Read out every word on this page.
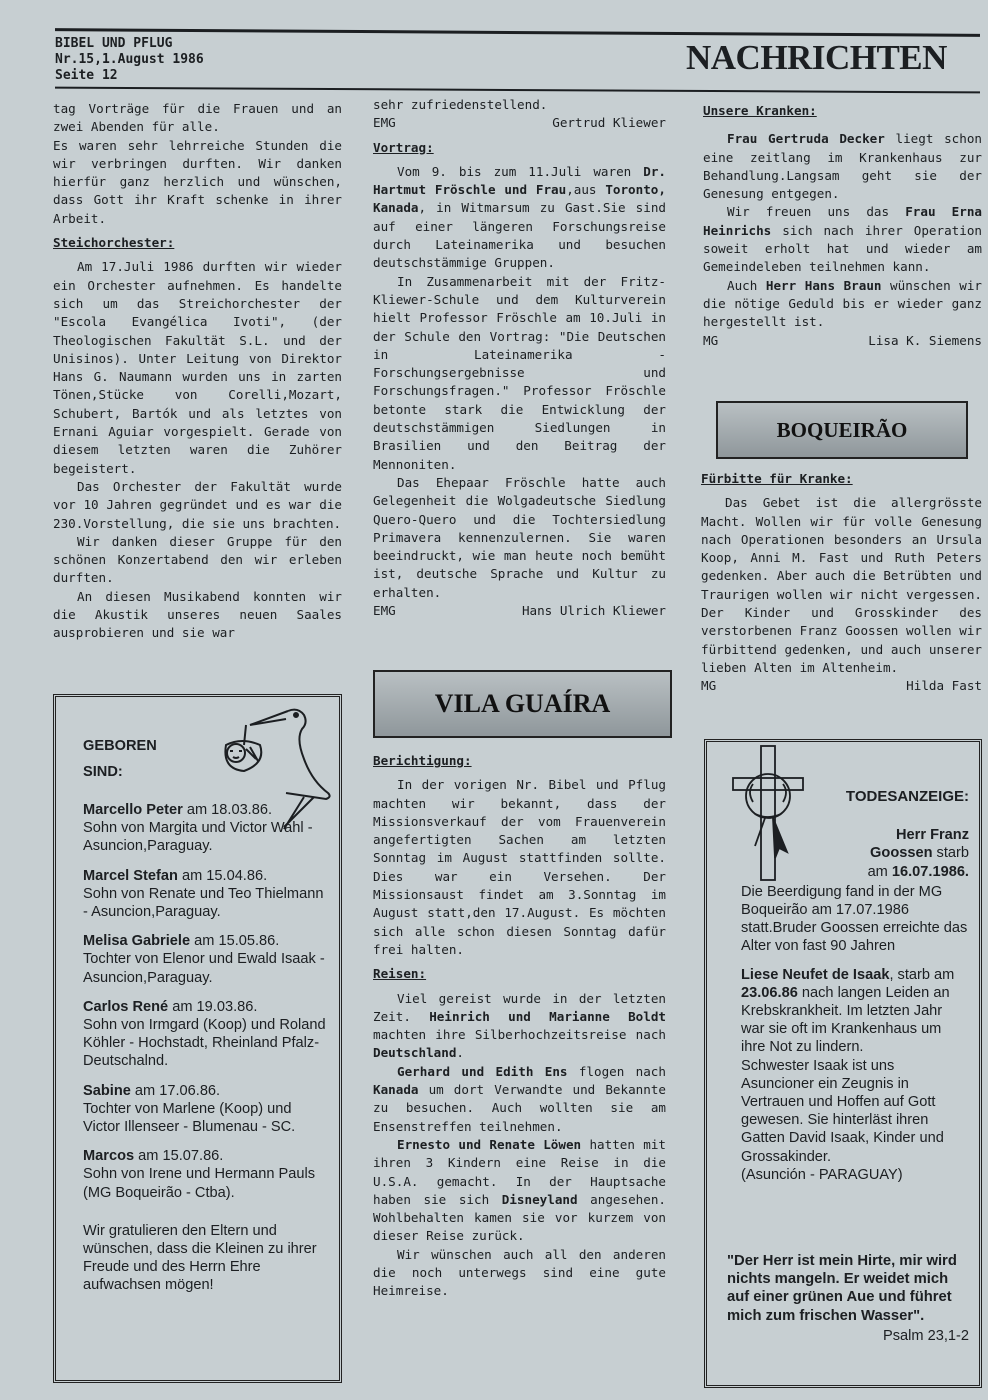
BIBEL UND PFLUG
Nr.15,1.August 1986
Seite 12	NACHRICHTEN

tag Vorträge für die Frauen und an zwei Abenden für alle.

Es waren sehr lehrreiche Stunden die wir verbringen durften. Wir danken hierfür ganz herzlich und wünschen, dass Gott ihr Kraft schenke in ihrer Arbeit.

Steichorchester:

Am 17.Juli 1986 durften wir wieder ein Orchester aufnehmen. Es handelte sich um das Streichorchester der "Escola Evangélica Ivoti", (der Theologischen Fakultät S.L. und der Unisinos). Unter Leitung von Direktor Hans G. Naumann wurden uns in zarten Tönen,Stücke von Corelli,Mozart, Schubert, Bartók und als letztes von Ernani Aguiar vorgespielt. Gerade von diesem letzten waren die Zuhörer begeistert.

Das Orchester der Fakultät wurde vor 10 Jahren gegründet und es war die 230.Vorstellung, die sie uns brachten.

Wir danken dieser Gruppe für den schönen Konzertabend den wir erleben durften.

An diesen Musikabend konnten wir die Akustik unseres neuen Saales ausprobieren und sie war

GEBOREN

SIND:

Marcello Peter am 18.03.86.

Sohn von Margita und Victor Wahl - Asuncion,Paraguay.

Marcel Stefan am 15.04.86.

Sohn von Renate und Teo Thielmann - Asuncion,Paraguay.

Melisa Gabriele am 15.05.86.

Tochter von Elenor und Ewald Isaak - Asuncion,Paraguay.

Carlos René am 19.03.86.

Sohn von Irmgard (Koop) und Roland Köhler - Hochstadt, Rheinland Pfalz-Deutschalnd.

Sabine am 17.06.86.

Tochter von Marlene (Koop) und Victor Illenseer - Blumenau - SC.

Marcos am 15.07.86.

Sohn von Irene und Hermann Pauls (MG Boqueirão - Ctba).

Wir gratulieren den Eltern und wünschen, dass die Kleinen zu ihrer Freude und des Herrn Ehre aufwachsen mögen!

sehr zufriedenstellend.

EMG	Gertrud Kliewer

Vortrag:

Vom 9. bis zum 11.Juli waren Dr. Hartmut Fröschle und Frau,aus Toronto, Kanada, in Witmarsum zu Gast.Sie sind auf einer längeren Forschungsreise durch Lateinamerika und besuchen deutschstämmige Gruppen.

In Zusammenarbeit mit der Fritz-Kliewer-Schule und dem Kulturverein hielt Professor Fröschle am 10.Juli in der Schule den Vortrag: "Die Deutschen in Lateinamerika - Forschungsergebnisse und Forschungsfragen." Professor Fröschle betonte stark die Entwicklung der deutschstämmigen Siedlungen in Brasilien und den Beitrag der Mennoniten.

Das Ehepaar Fröschle hatte auch Gelegenheit die Wolgadeutsche Siedlung Quero-Quero und die Tochtersiedlung Primavera kennenzulernen. Sie waren beeindruckt, wie man heute noch bemüht ist, deutsche Sprache und Kultur zu erhalten.

EMG	Hans Ulrich Kliewer

VILA GUAÍRA

Berichtigung:

In der vorigen Nr. Bibel und Pflug machten wir bekannt, dass der Missionsverkauf der vom Frauenverein angefertigten Sachen am letzten Sonntag im August stattfinden sollte. Dies war ein Versehen. Der Missionsaust findet am 3.Sonntag im August statt,den 17.August. Es möchten sich alle schon diesen Sonntag dafür frei halten.

Reisen:

Viel gereist wurde in der letzten Zeit. Heinrich und Marianne Boldt machten ihre Silberhochzeitsreise nach Deutschland.

Gerhard und Edith Ens flogen nach Kanada um dort Verwandte und Bekannte zu besuchen. Auch wollten sie am Ensenstreffen teilnehmen.

Ernesto und Renate Löwen hatten mit ihren 3 Kindern eine Reise in die U.S.A. gemacht. In der Hauptsache haben sie sich Disneyland angesehen. Wohlbehalten kamen sie vor kurzem von dieser Reise zurück.

Wir wünschen auch all den anderen die noch unterwegs sind eine gute Heimreise.

Unsere Kranken:

Frau Gertruda Decker liegt schon eine zeitlang im Krankenhaus zur Behandlung.Langsam geht sie der Genesung entgegen.

Wir freuen uns das Frau Erna Heinrichs sich nach ihrer Operation soweit erholt hat und wieder am Gemeindeleben teilnehmen kann.

Auch Herr Hans Braun wünschen wir die nötige Geduld bis er wieder ganz hergestellt ist.

MG	Lisa K. Siemens

BOQUEIRÃO

Fürbitte für Kranke:

Das Gebet ist die allergrösste Macht. Wollen wir für volle Genesung nach Operationen besonders an Ursula Koop, Anni M. Fast und Ruth Peters gedenken. Aber auch die Betrübten und Traurigen wollen wir nicht vergessen. Der Kinder und Grosskinder des verstorbenen Franz Goossen wollen wir fürbittend gedenken, und auch unserer lieben Alten im Altenheim.

MG	Hilda Fast

TODESANZEIGE:

Herr Franz Goossen starb am 16.07.1986.

Die Beerdigung fand in der MG Boqueirão am 17.07.1986 statt.Bruder Goossen erreichte das Alter von fast 90 Jahren

Liese Neufet de Isaak, starb am 23.06.86 nach langen Leiden an Krebskrankheit. Im letzten Jahr war sie oft im Krankenhaus um ihre Not zu lindern.

Schwester Isaak ist uns Asuncioner ein Zeugnis in Vertrauen und Hoffen auf Gott gewesen. Sie hinterläst ihren Gatten David Isaak, Kinder und Grossakinder.

(Asunción - PARAGUAY)

"Der Herr ist mein Hirte, mir wird nichts mangeln. Er weidet mich auf einer grünen Aue und führet mich zum frischen Wasser".

Psalm 23,1-2
